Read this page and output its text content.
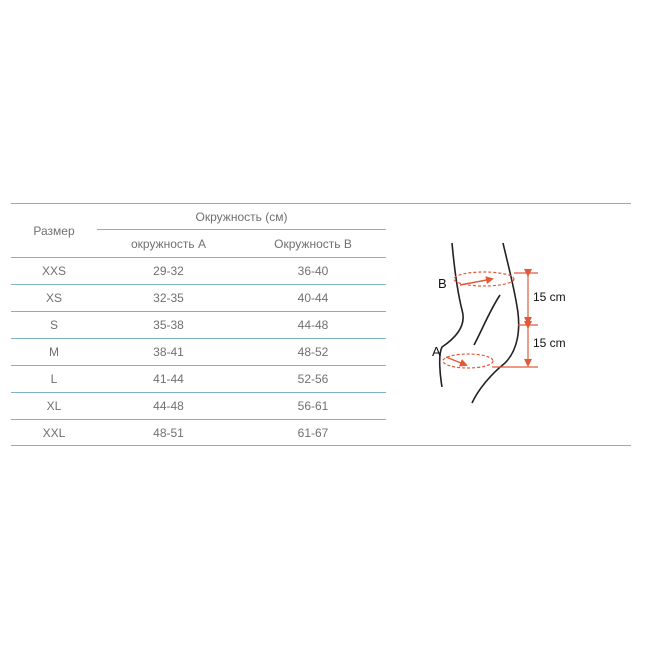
Размер	Окружность (см)	
	окружность A	Окружность B
XXS	29-32	36-40
XS	32-35	40-44
S	35-38	44-48
M	38-41	48-52
L	41-44	52-56
XL	44-48	56-61
XXL	48-51	61-67
B
A
15 cm
15 cm
